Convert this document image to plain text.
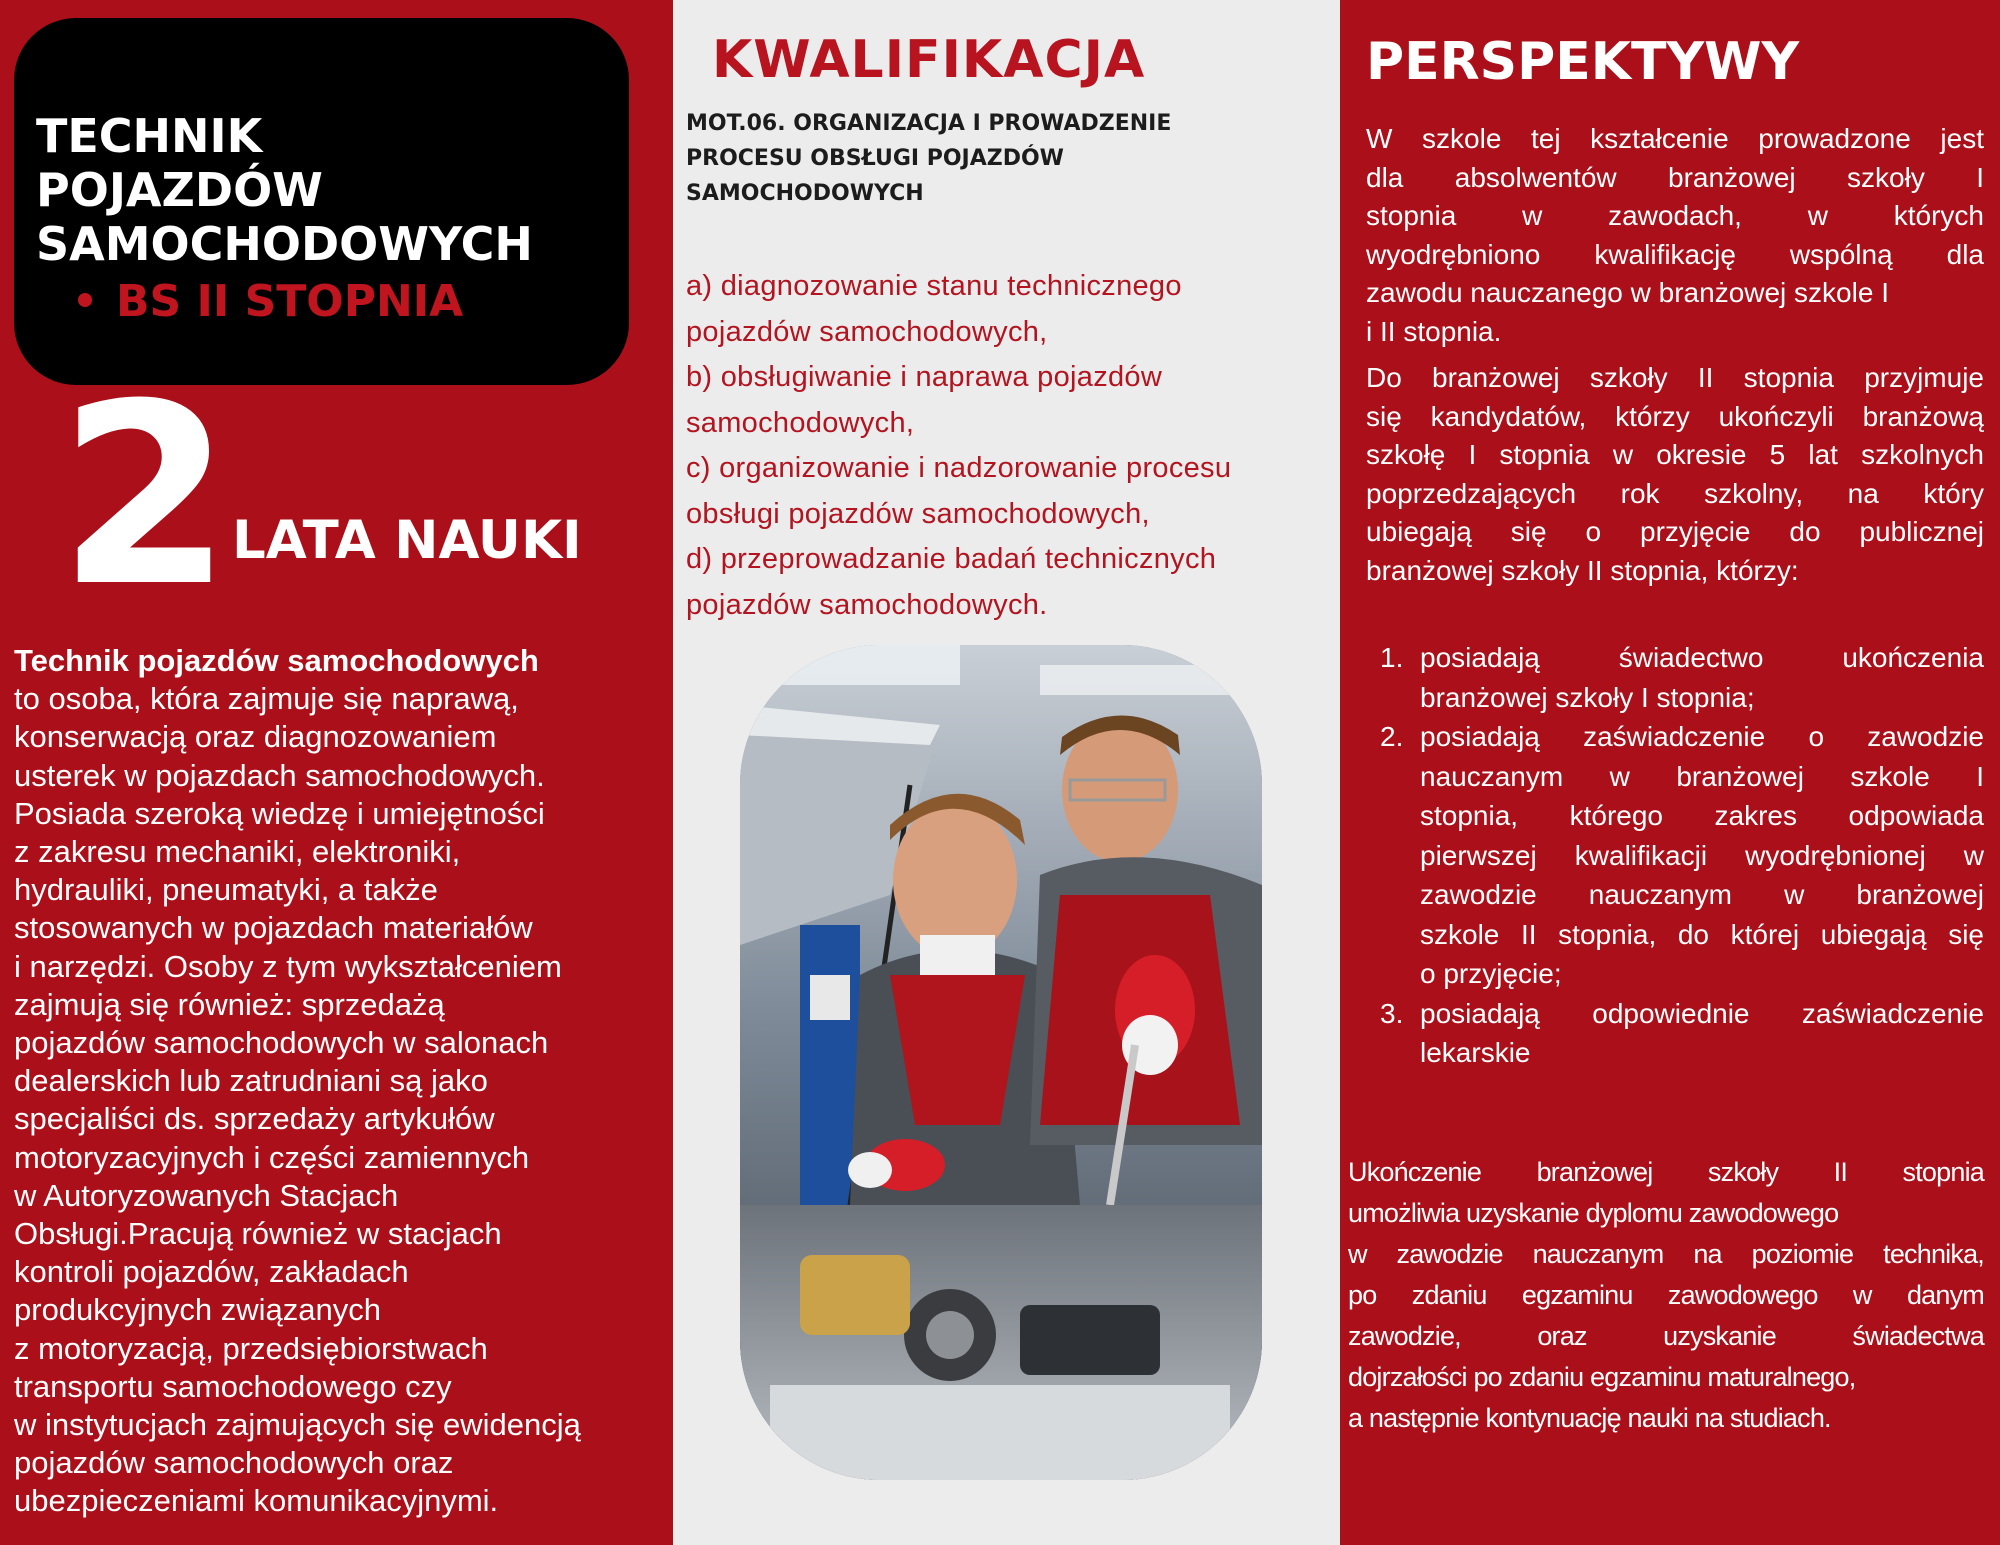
TECHNIK
POJAZDÓW
SAMOCHODOWYCH
BS II STOPNIA
2 LATA NAUKI
Technik pojazdów samochodowych
to osoba, która zajmuje się naprawą,
konserwacją oraz diagnozowaniem
usterek w pojazdach samochodowych.
Posiada szeroką wiedzę i umiejętności
z zakresu mechaniki, elektroniki,
hydrauliki, pneumatyki, a także
stosowanych w pojazdach materiałów
i narzędzi. Osoby z tym wykształceniem
zajmują się również: sprzedażą
pojazdów samochodowych w salonach
dealerskich lub zatrudniani są jako
specjaliści ds. sprzedaży artykułów
motoryzacyjnych i części zamiennych
w Autoryzowanych Stacjach
Obsługi.Pracują również w stacjach
kontroli pojazdów, zakładach
produkcyjnych związanych
z motoryzacją, przedsiębiorstwach
transportu samochodowego czy
w instytucjach zajmujących się ewidencją
pojazdów samochodowych oraz
ubezpieczeniami komunikacyjnymi.
KWALIFIKACJA
MOT.06. ORGANIZACJA I PROWADZENIE
PROCESU OBSŁUGI POJAZDÓW
SAMOCHODOWYCH
a) diagnozowanie stanu technicznego
pojazdów samochodowych,
b) obsługiwanie i naprawa pojazdów
samochodowych,
c) organizowanie i nadzorowanie procesu
obsługi pojazdów samochodowych,
d) przeprowadzanie badań technicznych
pojazdów samochodowych.
PERSPEKTYWY
W szkole tej kształcenie prowadzone jest
dla absolwentów branżowej szkoły I
stopnia w zawodach, w których
wyodrębniono kwalifikację wspólną dla
zawodu nauczanego w branżowej szkole I
i II stopnia.
Do branżowej szkoły II stopnia przyjmuje
się kandydatów, którzy ukończyli branżową
szkołę I stopnia w okresie 5 lat szkolnych
poprzedzających rok szkolny, na który
ubiegają się o przyjęcie do publicznej
branżowej szkoły II stopnia, którzy:
1. posiadają świadectwo ukończenia
branżowej szkoły I stopnia;
2. posiadają zaświadczenie o zawodzie
nauczanym w branżowej szkole I
stopnia, którego zakres odpowiada
pierwszej kwalifikacji wyodrębnionej w
zawodzie nauczanym w branżowej
szkole II stopnia, do której ubiegają się
o przyjęcie;
3. posiadają odpowiednie zaświadczenie
lekarskie
Ukończenie branżowej szkoły II stopnia
umożliwia uzyskanie dyplomu zawodowego
w zawodzie nauczanym na poziomie technika,
po zdaniu egzaminu zawodowego w danym
zawodzie, oraz uzyskanie świadectwa
dojrzałości po zdaniu egzaminu maturalnego,
a następnie kontynuację nauki na studiach.
